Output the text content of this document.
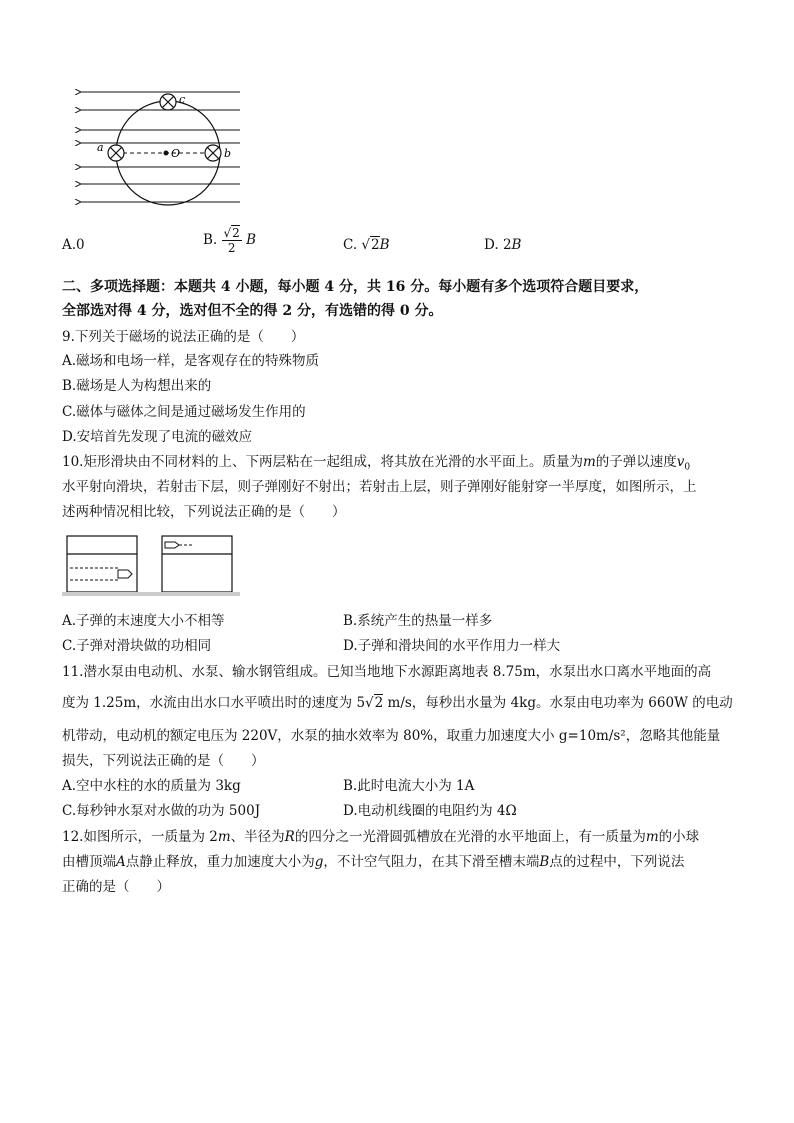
c
a	O	b
A.0	B. $\frac{√2}{2}$ B	C. √2B	D. 2B
二、多项选择题：本题共 4 小题，每小题 4 分，共 16 分。每小题有多个选项符合题目要求，
全部选对得 4 分，选对但不全的得 2 分，有选错的得 0 分。
9.下列关于磁场的说法正确的是（　　）
A.磁场和电场一样，是客观存在的特殊物质
B.磁场是人为构想出来的
C.磁体与磁体之间是通过磁场发生作用的
D.安培首先发现了电流的磁效应
10.矩形滑块由不同材料的上、下两层粘在一起组成，将其放在光滑的水平面上。质量为m的子弹以速度$v_0$
水平射向滑块，若射击下层，则子弹刚好不射出；若射击上层，则子弹刚好能射穿一半厚度，如图所示，上
述两种情况相比较，下列说法正确的是（　　）
A.子弹的末速度大小不相等	B.系统产生的热量一样多
C.子弹对滑块做的功相同	D.子弹和滑块间的水平作用力一样大
11.潜水泵由电动机、水泵、输水钢管组成。已知当地地下水源距离地表 8.75m，水泵出水口离水平地面的高
度为 1.25m，水流由出水口水平喷出时的速度为 5√2 m/s，每秒出水量为 4kg。水泵由电功率为 660W 的电动
机带动，电动机的额定电压为 220V，水泵的抽水效率为 80%，取重力加速度大小 g=10m/s²，忽略其他能量
损失，下列说法正确的是（　　）
A.空中水柱的水的质量为 3kg	B.此时电流大小为 1A
C.每秒钟水泵对水做的功为 500J	D.电动机线圈的电阻约为 4Ω
12.如图所示，一质量为 2m、半径为R的四分之一光滑圆弧槽放在光滑的水平地面上，有一质量为m的小球
由槽顶端A点静止释放，重力加速度大小为g，不计空气阻力，在其下滑至槽末端B点的过程中，下列说法
正确的是（　　）
